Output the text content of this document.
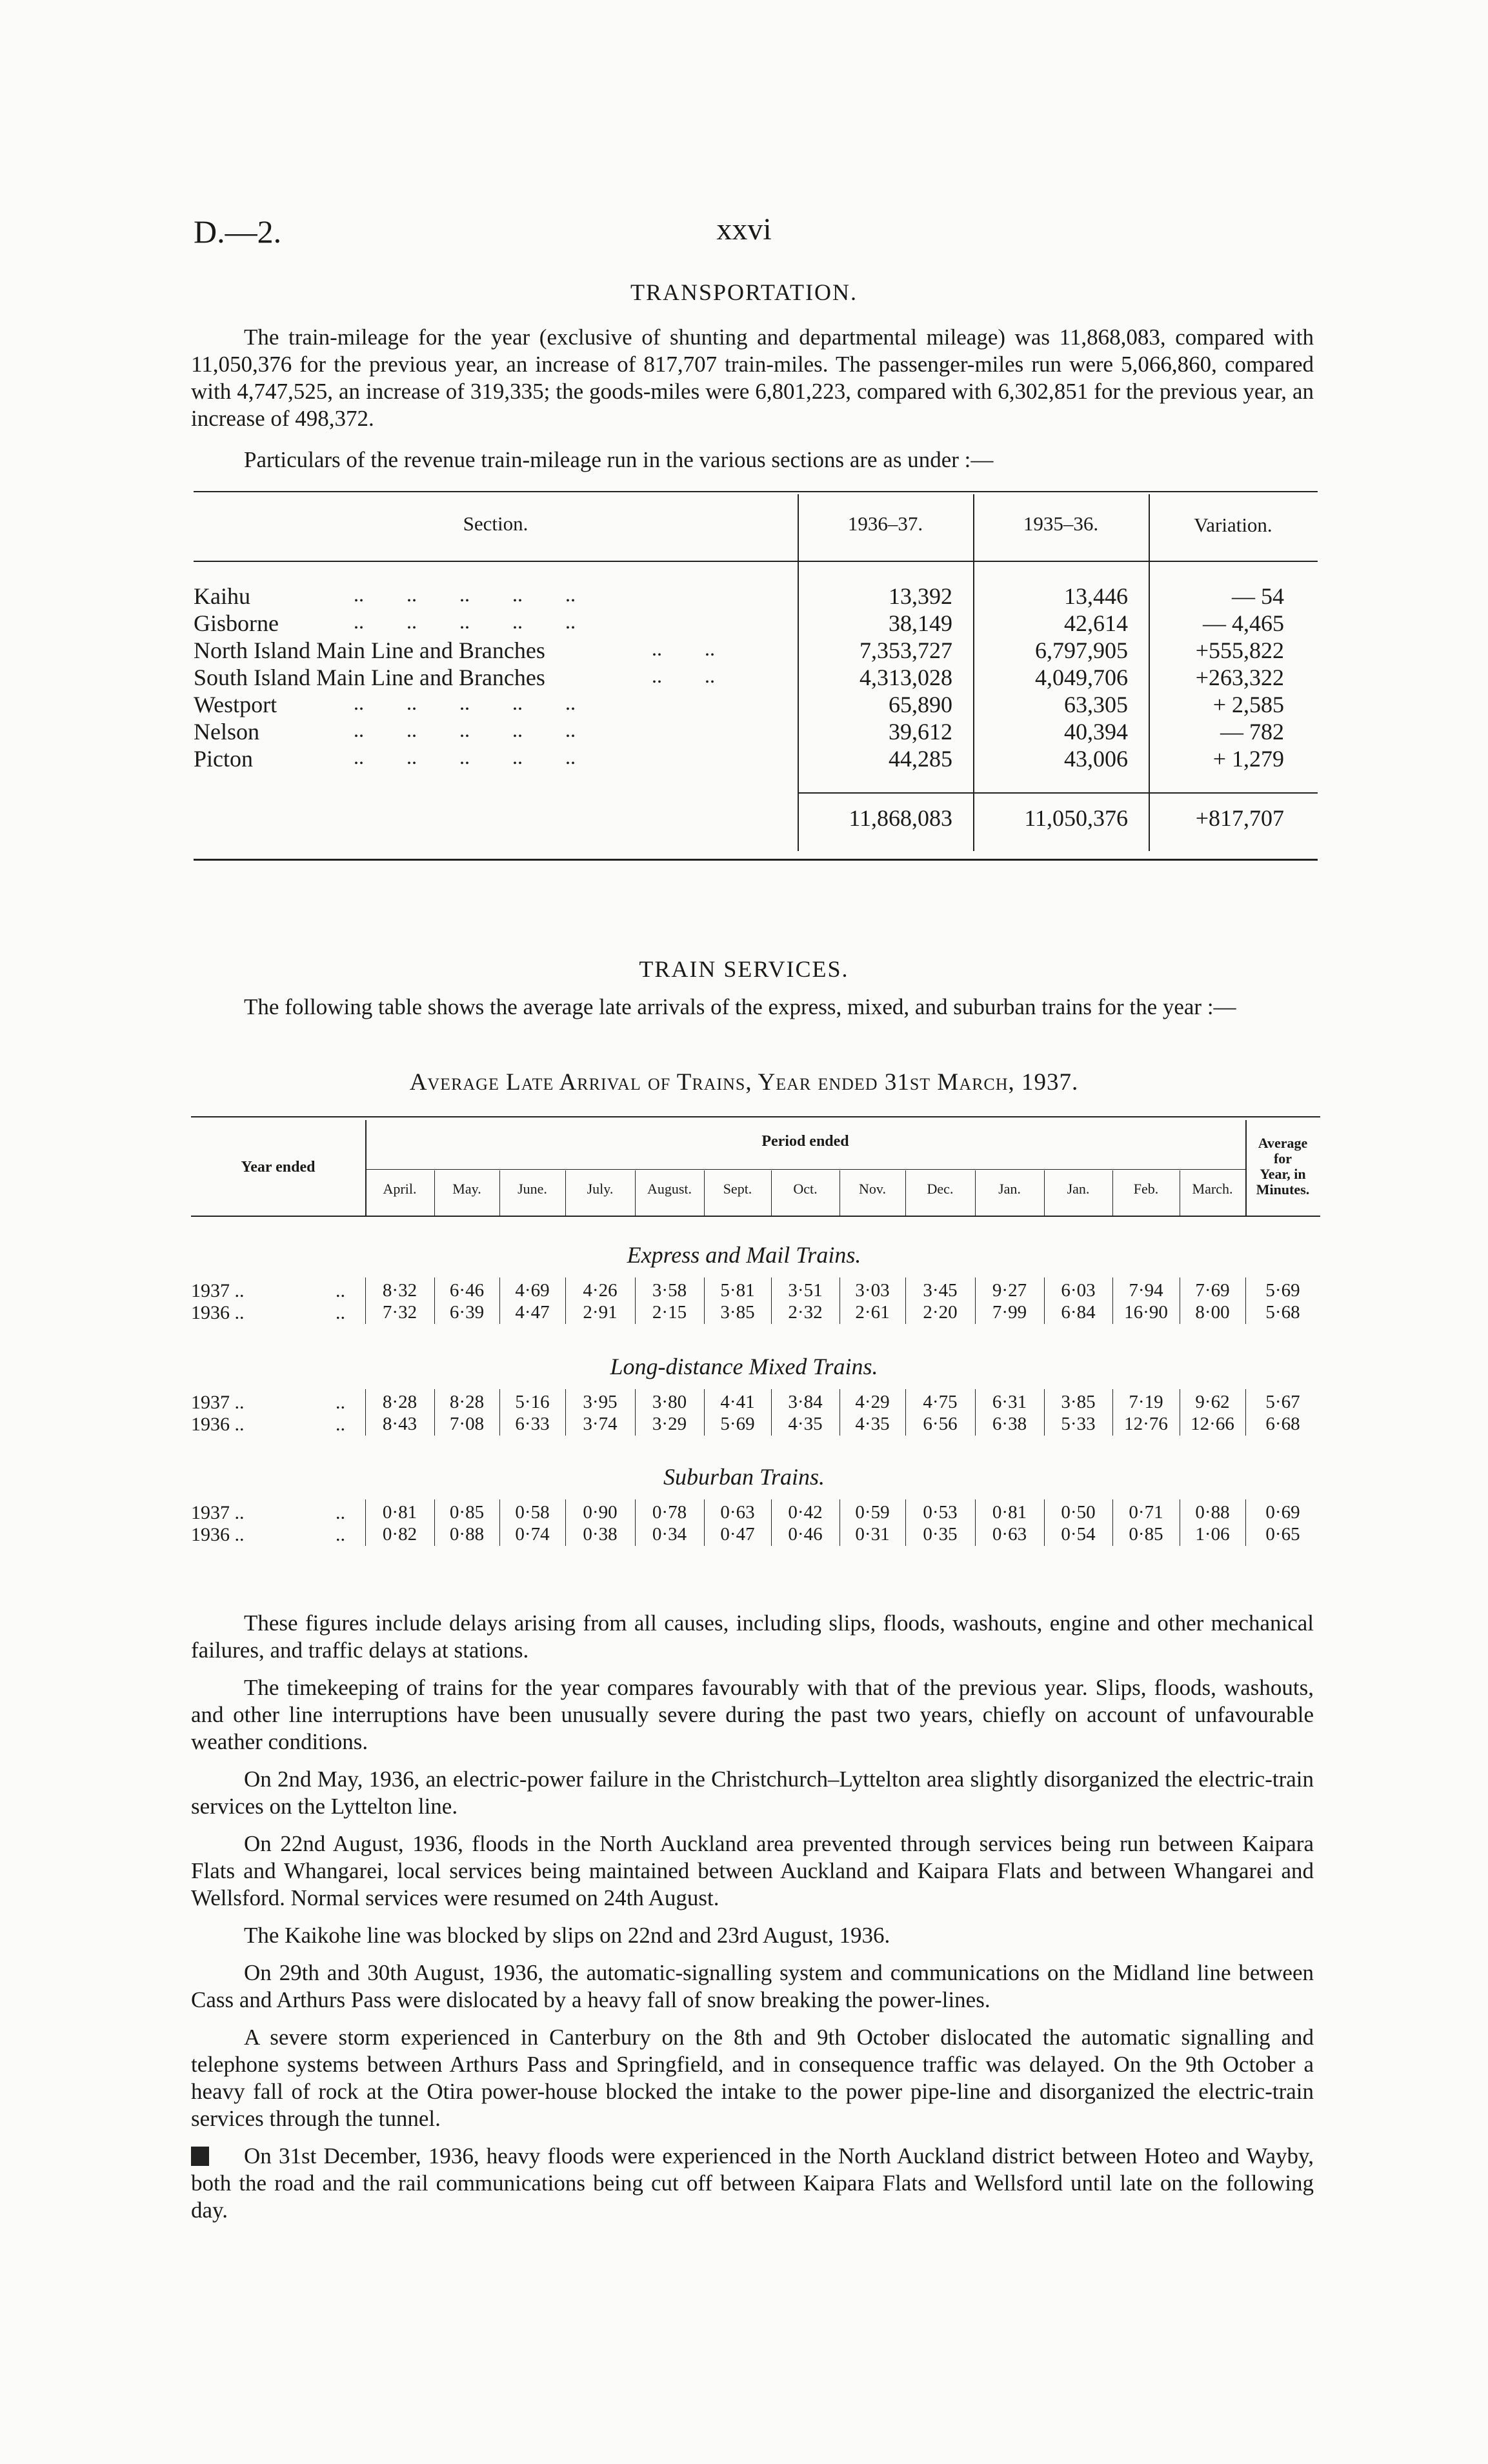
D.—2.	xxvi
TRANSPORTATION.

The train-mileage for the year (exclusive of shunting and departmental mileage) was 11,868,083, compared with 11,050,376 for the previous year, an increase of 817,707 train-miles. The passenger-miles run were 5,066,860, compared with 4,747,525, an increase of 319,335; the goods-miles were 6,801,223, compared with 6,302,851 for the previous year, an increase of 498,372.

Particulars of the revenue train-mileage run in the various sections are as under :—

Section.	1936–37.	1935–36.	Variation.
Kaihu	.. .. .. .. ..	13,392	13,446	— 54
Gisborne	.. .. .. .. ..	38,149	42,614	— 4,465
North Island Main Line and Branches	.. ..	7,353,727	6,797,905	+555,822
South Island Main Line and Branches	.. ..	4,313,028	4,049,706	+263,322
Westport	.. .. .. .. ..	65,890	63,305	+ 2,585
Nelson	.. .. .. .. ..	39,612	40,394	— 782
Picton	.. .. .. .. ..	44,285	43,006	+ 1,279
11,868,083	11,050,376	+817,707
TRAIN SERVICES.
The following table shows the average late arrivals of the express, mixed, and suburban trains for the year :—
Average Late Arrival of Trains, Year ended 31st March, 1937.
Year ended
Period ended
April.	May.	June.	July.	August.	Sept.	Oct.	Nov.	Dec.	Jan.	Jan.	Feb.	March.
Average
for
Year, in
Minutes.
Express and Mail Trains.
1937 ..	..	8·32	6·46	4·69	4·26	3·58	5·81	3·51	3·03	3·45	9·27	6·03	7·94	7·69	5·69
1936 ..	..	7·32	6·39	4·47	2·91	2·15	3·85	2·32	2·61	2·20	7·99	6·84	16·90	8·00	5·68
Long-distance Mixed Trains.
1937 ..	..	8·28	8·28	5·16	3·95	3·80	4·41	3·84	4·29	4·75	6·31	3·85	7·19	9·62	5·67
1936 ..	..	8·43	7·08	6·33	3·74	3·29	5·69	4·35	4·35	6·56	6·38	5·33	12·76	12·66	6·68
Suburban Trains.
1937 ..	..	0·81	0·85	0·58	0·90	0·78	0·63	0·42	0·59	0·53	0·81	0·50	0·71	0·88	0·69
1936 ..	..	0·82	0·88	0·74	0·38	0·34	0·47	0·46	0·31	0·35	0·63	0·54	0·85	1·06	0·65

These figures include delays arising from all causes, including slips, floods, washouts, engine and other mechanical failures, and traffic delays at stations.

The timekeeping of trains for the year compares favourably with that of the previous year. Slips, floods, washouts, and other line interruptions have been unusually severe during the past two years, chiefly on account of unfavourable weather conditions.

On 2nd May, 1936, an electric-power failure in the Christchurch–Lyttelton area slightly disorganized the electric-train services on the Lyttelton line.

On 22nd August, 1936, floods in the North Auckland area prevented through services being run between Kaipara Flats and Whangarei, local services being maintained between Auckland and Kaipara Flats and between Whangarei and Wellsford. Normal services were resumed on 24th August.

The Kaikohe line was blocked by slips on 22nd and 23rd August, 1936.

On 29th and 30th August, 1936, the automatic-signalling system and communications on the Midland line between Cass and Arthurs Pass were dislocated by a heavy fall of snow breaking the power-lines.

A severe storm experienced in Canterbury on the 8th and 9th October dislocated the automatic signalling and telephone systems between Arthurs Pass and Springfield, and in consequence traffic was delayed. On the 9th October a heavy fall of rock at the Otira power-house blocked the intake to the power pipe-line and disorganized the electric-train services through the tunnel.

On 31st December, 1936, heavy floods were experienced in the North Auckland district between Hoteo and Wayby, both the road and the rail communications being cut off between Kaipara Flats and Wellsford until late on the following day.
